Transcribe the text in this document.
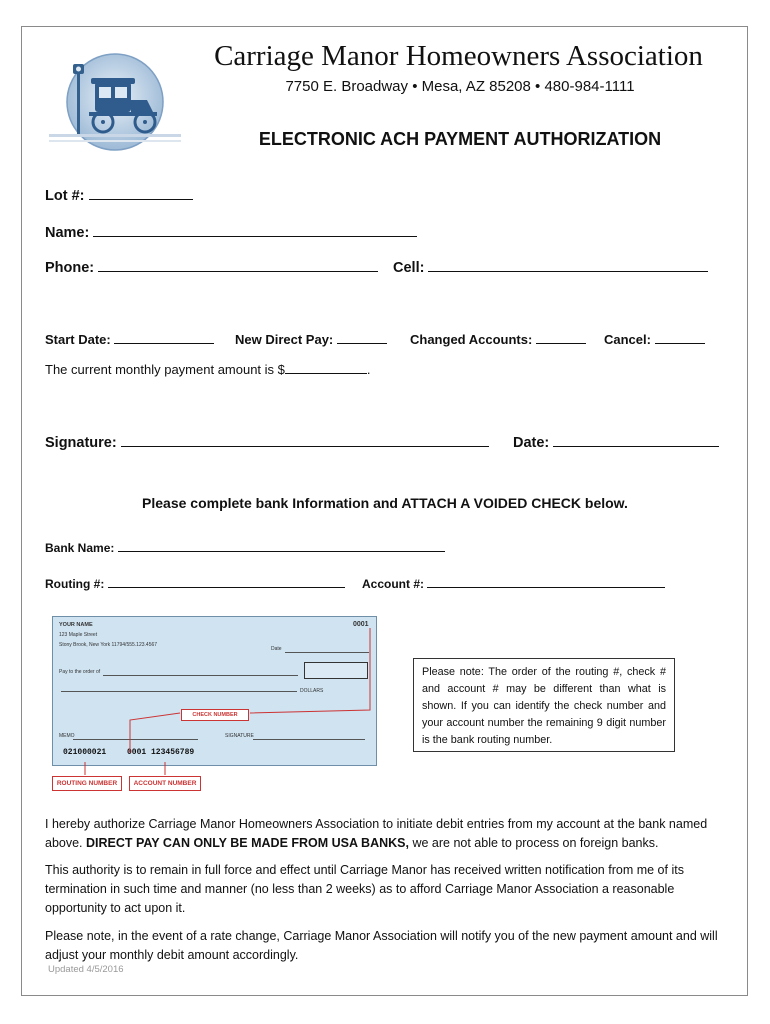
Carriage Manor Homeowners Association
7750 E. Broadway • Mesa, AZ 85208 • 480-984-1111
ELECTRONIC ACH PAYMENT AUTHORIZATION
Lot #:
Name:
Phone:	Cell:
Start Date:	New Direct Pay:	Changed Accounts:	Cancel:
The current monthly payment amount is $	.
Signature:	Date:
Please complete bank Information and ATTACH A VOIDED CHECK below.
Bank Name:
Routing #:	Account #:
YOUR NAME
123 Maple Street
Stony Brook, New York 11794/555.123.4567
0001
Date
Pay to the order of
DOLLARS
CHECK NUMBER
MEMO	SIGNATURE
021000021	0001 123456789
ROUTING NUMBER	ACCOUNT NUMBER
Please note: The order of the routing #, check # and account # may be different than what is shown. If you can identify the check number and your account number the remaining 9 digit number is the bank routing number.
I hereby authorize Carriage Manor Homeowners Association to initiate debit entries from my account at the bank named above. DIRECT PAY CAN ONLY BE MADE FROM USA BANKS, we are not able to process on foreign banks.
This authority is to remain in full force and effect until Carriage Manor has received written notification from me of its termination in such time and manner (no less than 2 weeks) as to afford Carriage Manor Association a reasonable opportunity to act upon it.
Please note, in the event of a rate change, Carriage Manor Association will notify you of the new payment amount and will adjust your monthly debit amount accordingly.
Updated 4/5/2016
